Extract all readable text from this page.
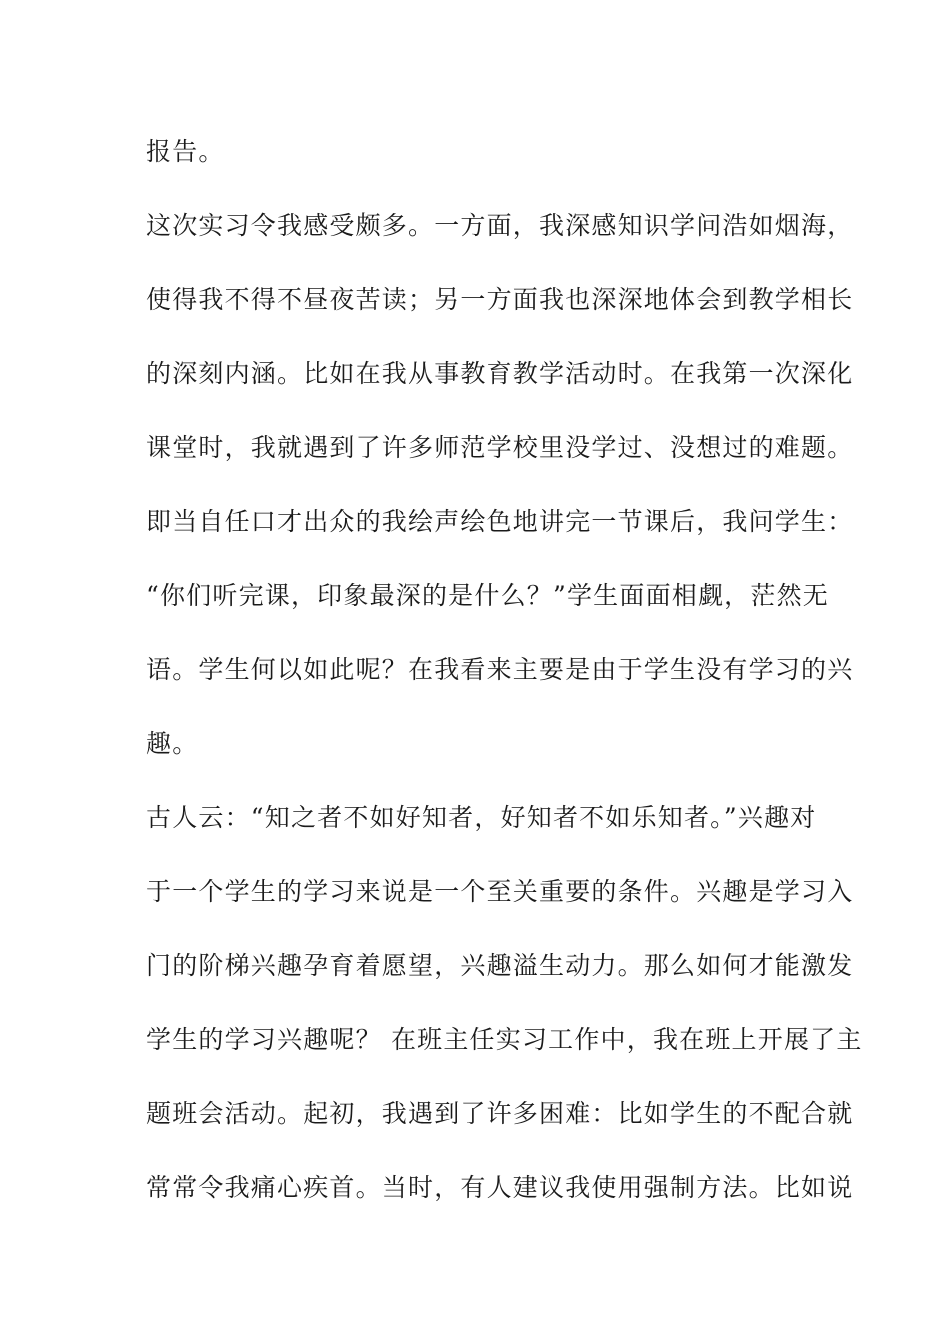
报告。
这次实习令我感受颇多。一方面，我深感知识学问浩如烟海，
使得我不得不昼夜苦读；另一方面我也深深地体会到教学相长
的深刻内涵。比如在我从事教育教学活动时。在我第一次深化
课堂时，我就遇到了许多师范学校里没学过、没想过的难题。
即当自任口才出众的我绘声绘色地讲完一节课后，我问学生：
“你们听完课，印象最深的是什么？”学生面面相觑，茫然无
语。学生何以如此呢？在我看来主要是由于学生没有学习的兴
趣。
古人云：“知之者不如好知者，好知者不如乐知者。”兴趣对
于一个学生的学习来说是一个至关重要的条件。兴趣是学习入
门的阶梯兴趣孕育着愿望，兴趣溢生动力。那么如何才能激发
学生的学习兴趣呢？ 在班主任实习工作中，我在班上开展了主
题班会活动。起初，我遇到了许多困难：比如学生的不配合就
常常令我痛心疾首。当时，有人建议我使用强制方法。比如说
